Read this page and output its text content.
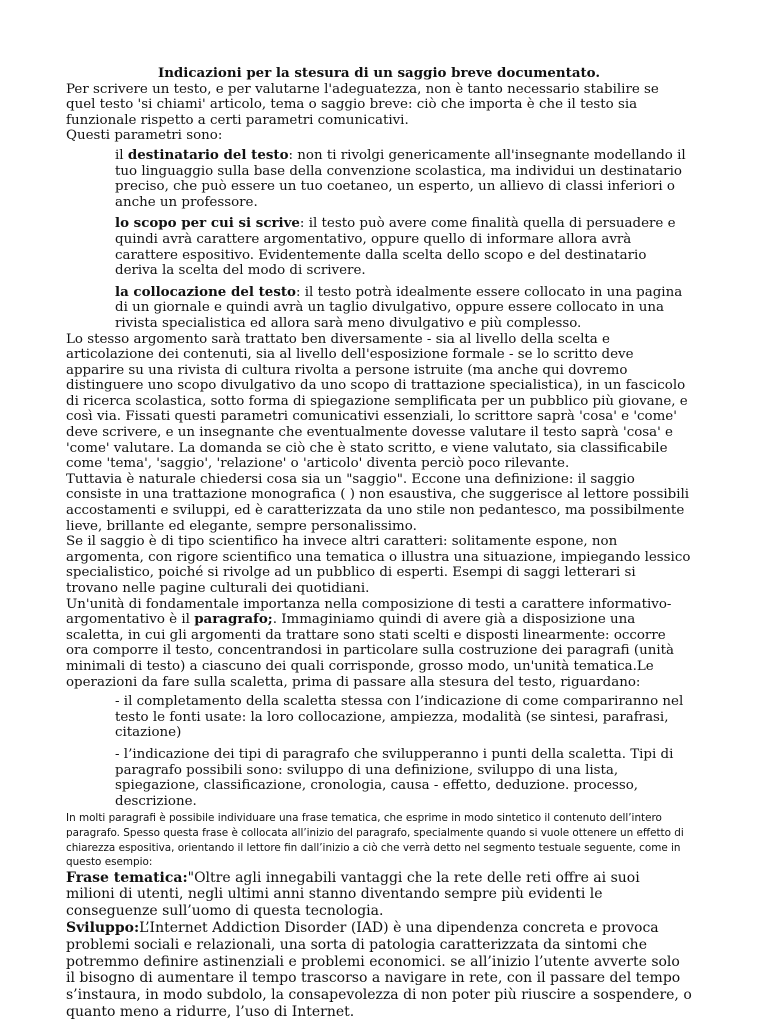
Indicazioni per la stesura di un saggio breve documentato.

Per scrivere un testo, e per valutarne l'adeguatezza, non è tanto necessario stabilire se quel testo 'si chiami' articolo, tema o saggio breve: ciò che importa è che il testo sia funzionale rispetto a certi parametri comunicativi.

Questi parametri sono:

il destinatario del testo: non ti rivolgi genericamente all'insegnante modellando il tuo linguaggio sulla base della convenzione scolastica, ma individui un destinatario preciso, che può essere un tuo coetaneo, un esperto, un allievo di classi inferiori o anche un professore.

lo scopo per cui si scrive: il testo può avere come finalità quella di persuadere e quindi avrà carattere argomentativo, oppure quello di informare allora avrà carattere espositivo. Evidentemente dalla scelta dello scopo e del destinatario deriva la scelta del modo di scrivere.

la collocazione del testo: il testo potrà idealmente essere collocato in una pagina di un giornale e quindi avrà un taglio divulgativo, oppure essere collocato in una rivista specialistica ed allora sarà meno divulgativo e più complesso.

Lo stesso argomento sarà trattato ben diversamente - sia al livello della scelta e articolazione dei contenuti, sia al livello dell'esposizione formale - se lo scritto deve apparire su una rivista di cultura rivolta a persone istruite (ma anche qui dovremo distinguere uno scopo divulgativo da uno scopo di trattazione specialistica), in un fascicolo di ricerca scolastica, sotto forma di spiegazione semplificata per un pubblico più giovane, e così via. Fissati questi parametri comunicativi essenziali, lo scrittore saprà 'cosa' e 'come' deve scrivere, e un insegnante che eventualmente dovesse valutare il testo saprà 'cosa' e 'come' valutare. La domanda se ciò che è stato scritto, e viene valutato, sia classificabile come 'tema', 'saggio', 'relazione' o 'articolo' diventa perciò poco rilevante.

Tuttavia è naturale chiedersi cosa sia un "saggio". Eccone una definizione: il saggio consiste in una trattazione monografica ( ) non esaustiva, che suggerisce al lettore possibili accostamenti e sviluppi, ed è caratterizzata da uno stile non pedantesco, ma possibilmente lieve, brillante ed elegante, sempre personalissimo.

Se il saggio è di tipo scientifico ha invece altri caratteri: solitamente espone, non argomenta, con rigore scientifico una tematica o illustra una situazione, impiegando lessico specialistico, poiché si rivolge ad un pubblico di esperti. Esempi di saggi letterari si trovano nelle pagine culturali dei quotidiani.

Un'unità di fondamentale importanza nella composizione di testi a carattere informativo-argomentativo è il paragrafo;. Immaginiamo quindi di avere già a disposizione una scaletta, in cui gli argomenti da trattare sono stati scelti e disposti linearmente: occorre ora comporre il testo, concentrandosi in particolare sulla costruzione dei paragrafi (unità minimali di testo) a ciascuno dei quali corrisponde, grosso modo, un'unità tematica.Le operazioni da fare sulla scaletta, prima di passare alla stesura del testo, riguardano:

- il completamento della scaletta stessa con l’indicazione di come compariranno nel testo le fonti usate: la loro collocazione, ampiezza, modalità (se sintesi, parafrasi, citazione)

- l’indicazione dei tipi di paragrafo che svilupperanno i punti della scaletta. Tipi di paragrafo possibili sono: sviluppo di una definizione, sviluppo di una lista, spiegazione, classificazione, cronologia, causa - effetto, deduzione. processo, descrizione.

In molti paragrafi è possibile individuare una frase tematica, che esprime in modo sintetico il contenuto dell’intero paragrafo. Spesso questa frase è collocata all’inizio del paragrafo, specialmente quando si vuole ottenere un effetto di chiarezza espositiva, orientando il lettore fin dall’inizio a ciò che verrà detto nel segmento testuale seguente, come in questo esempio:

Frase tematica:"Oltre agli innegabili vantaggi che la rete delle reti offre ai suoi milioni di utenti, negli ultimi anni stanno diventando sempre più evidenti le conseguenze sull’uomo di questa tecnologia.

Sviluppo:L’Internet Addiction Disorder (IAD) è una dipendenza concreta e provoca problemi sociali e relazionali, una sorta di patologia caratterizzata da sintomi che potremmo definire astinenziali e problemi economici. se all’inizio l’utente avverte solo il bisogno di aumentare il tempo trascorso a navigare in rete, con il passare del tempo s’instaura, in modo subdolo, la consapevolezza di non poter più riuscire a sospendere, o quanto meno a ridurre, l’uso di Internet.
